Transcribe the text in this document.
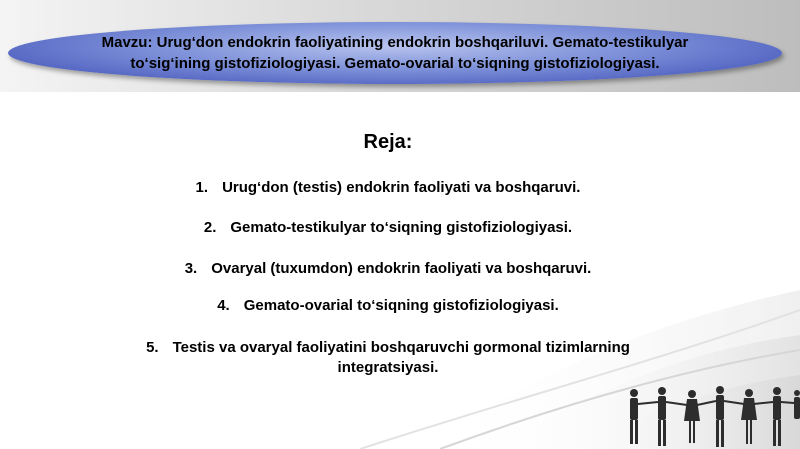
Mavzu: Urug‘don endokrin faoliyatining endokrin boshqariluvi. Gemato-testikulyar
to‘sig‘ining gistofiziologiyasi. Gemato-ovarial to‘siqning gistofiziologiyasi.
Reja:
1. Urug‘don (testis) endokrin faoliyati va boshqaruvi.
2. Gemato-testikulyar to‘siqning gistofiziologiyasi.
3. Ovaryal (tuxumdon) endokrin faoliyati va boshqaruvi.
4. Gemato-ovarial to‘siqning gistofiziologiyasi.
5. Testis va ovaryal faoliyatini boshqaruvchi gormonal tizimlarning
integratsiyasi.
